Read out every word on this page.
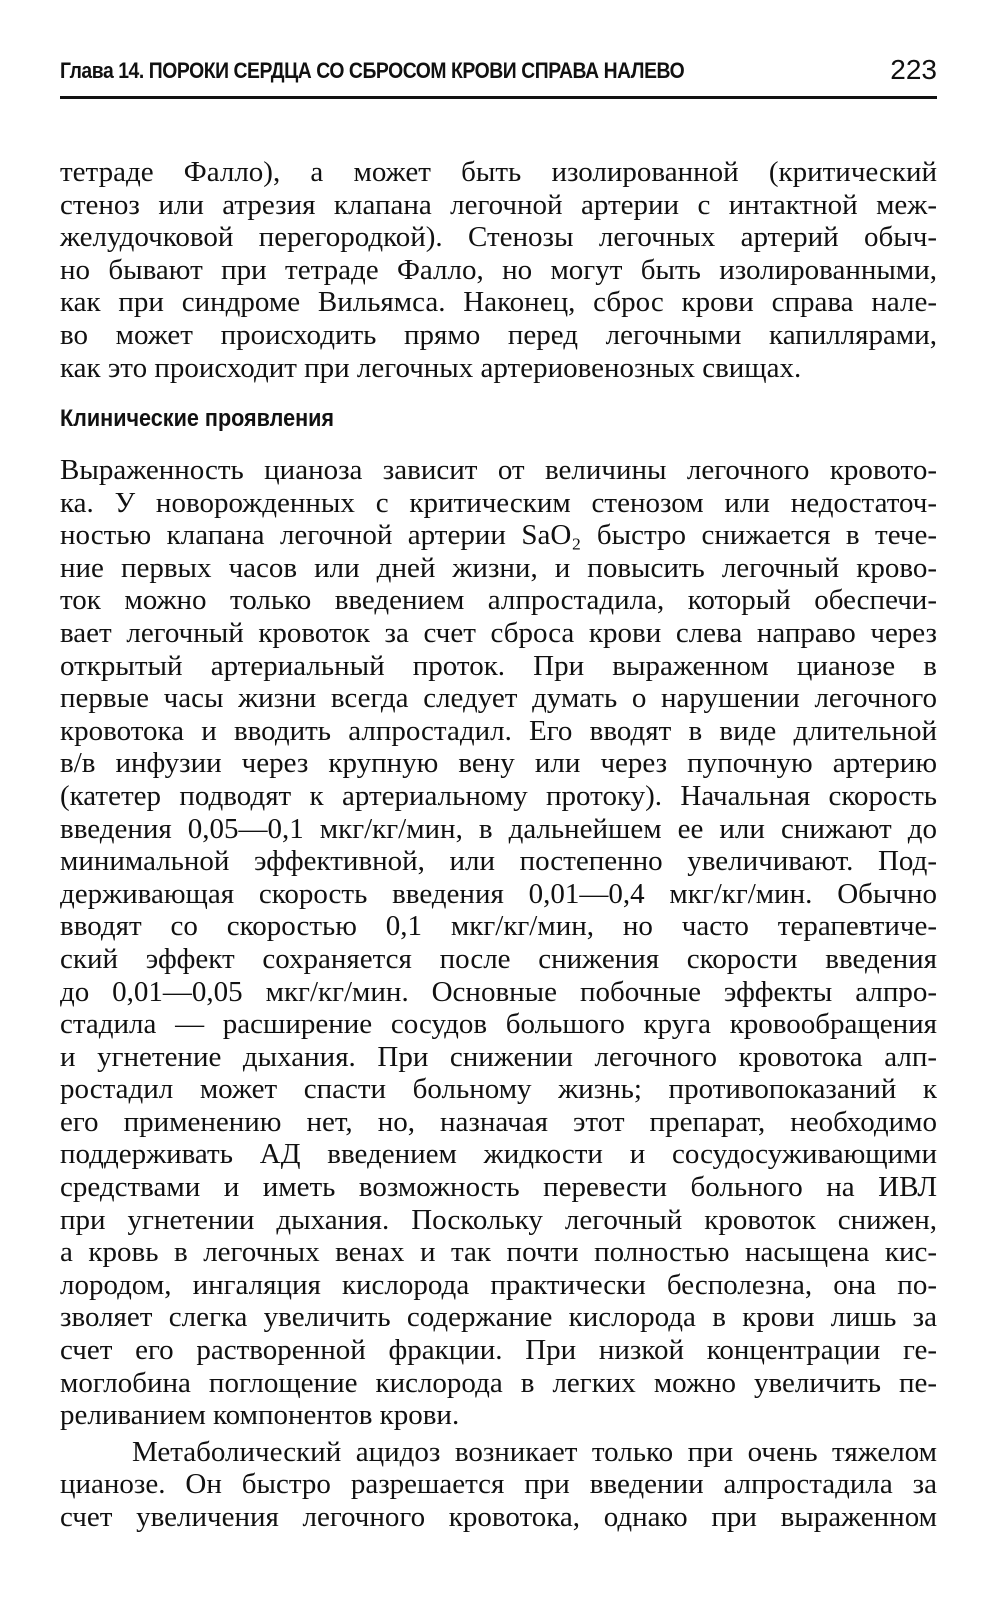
Глава 14. ПОРОКИ СЕРДЦА СО СБРОСОМ КРОВИ СПРАВА НАЛЕВО	223
тетраде Фалло), а может быть изолированной (критический
стеноз или атрезия клапана легочной артерии с интактной меж-
желудочковой перегородкой). Стенозы легочных артерий обыч-
но бывают при тетраде Фалло, но могут быть изолированными,
как при синдроме Вильямса. Наконец, сброс крови справа нале-
во может происходить прямо перед легочными капиллярами,
как это происходит при легочных артериовенозных свищах.
Клинические проявления
Выраженность цианоза зависит от величины легочного кровото-
ка. У новорожденных с критическим стенозом или недостаточ-
ностью клапана легочной артерии SaO₂ быстро снижается в тече-
ние первых часов или дней жизни, и повысить легочный крово-
ток можно только введением алпростадила, который обеспечи-
вает легочный кровоток за счет сброса крови слева направо через
открытый артериальный проток. При выраженном цианозе в
первые часы жизни всегда следует думать о нарушении легочного
кровотока и вводить алпростадил. Его вводят в виде длительной
в/в инфузии через крупную вену или через пупочную артерию
(катетер подводят к артериальному протоку). Начальная скорость
введения 0,05—0,1 мкг/кг/мин, в дальнейшем ее или снижают до
минимальной эффективной, или постепенно увеличивают. Под-
держивающая скорость введения 0,01—0,4 мкг/кг/мин. Обычно
вводят со скоростью 0,1 мкг/кг/мин, но часто терапевтиче-
ский эффект сохраняется после снижения скорости введения
до 0,01—0,05 мкг/кг/мин. Основные побочные эффекты алпро-
стадила — расширение сосудов большого круга кровообращения
и угнетение дыхания. При снижении легочного кровотока алп-
ростадил может спасти больному жизнь; противопоказаний к
его применению нет, но, назначая этот препарат, необходимо
поддерживать АД введением жидкости и сосудосуживающими
средствами и иметь возможность перевести больного на ИВЛ
при угнетении дыхания. Поскольку легочный кровоток снижен,
а кровь в легочных венах и так почти полностью насыщена кис-
лородом, ингаляция кислорода практически бесполезна, она по-
зволяет слегка увеличить содержание кислорода в крови лишь за
счет его растворенной фракции. При низкой концентрации ге-
моглобина поглощение кислорода в легких можно увеличить пе-
реливанием компонентов крови.
Метаболический ацидоз возникает только при очень тяжелом
цианозе. Он быстро разрешается при введении алпростадила за
счет увеличения легочного кровотока, однако при выраженном
